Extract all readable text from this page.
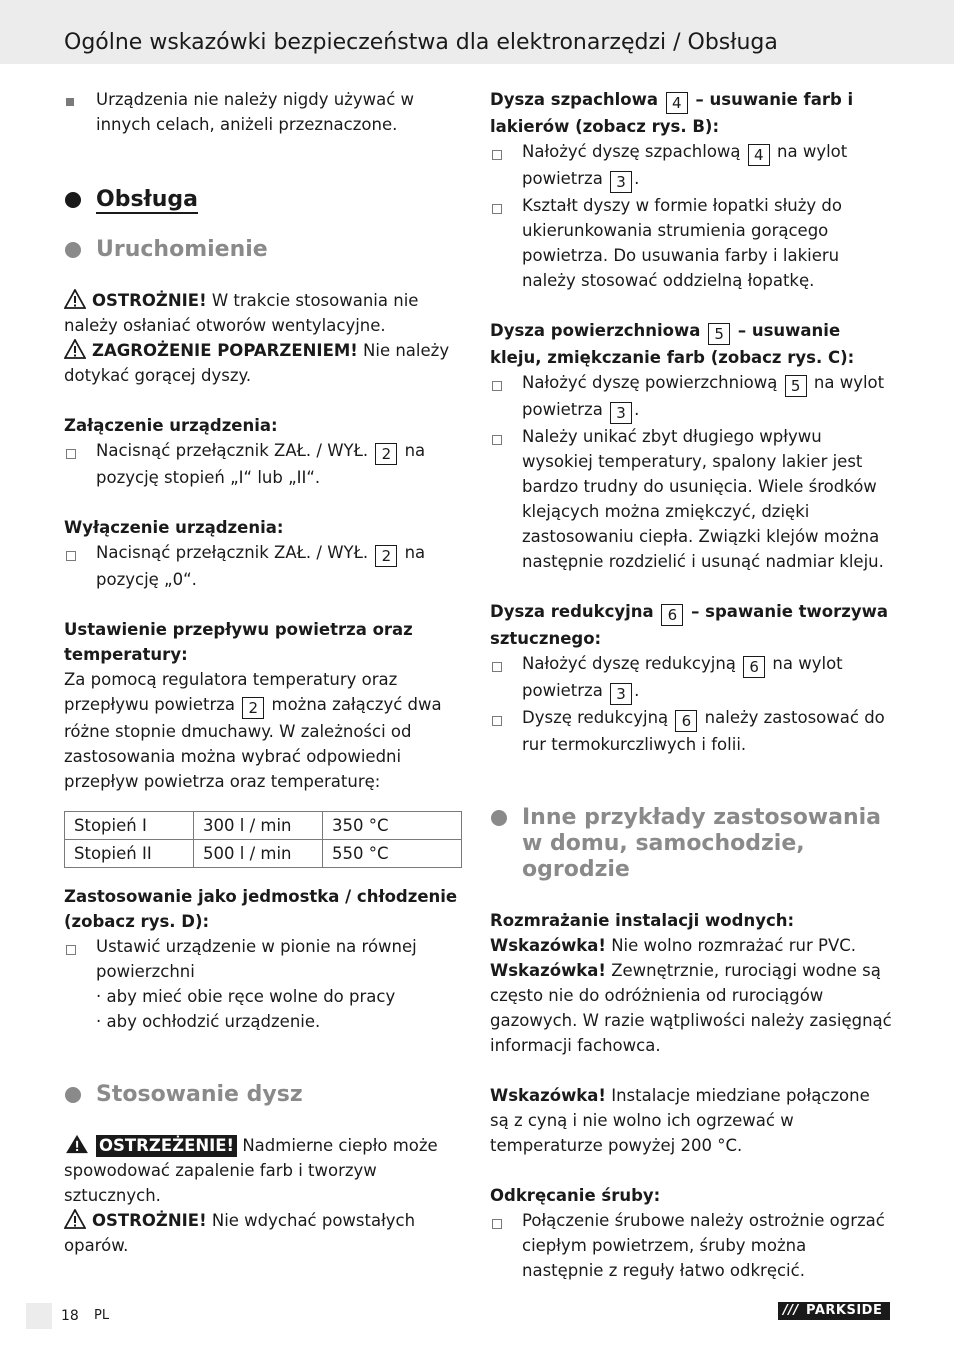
Ogólne wskazówki bezpieczeństwa dla elektronarzędzi / Obsługa
Urządzenia nie należy nigdy używać w innych celach, aniżeli przeznaczone.
Obsługa
Uruchomienie

OSTROŻNIE! W trakcie stosowania nie należy osłaniać otworów wentylacyjne.

ZAGROŻENIE POPARZENIEM! Nie należy dotykać gorącej dyszy.

Załączenie urządzenia:

Nacisnąć przełącznik ZAŁ. / WYŁ. 2 na pozycję stopień „I“ lub „II“.

Wyłączenie urządzenia:

Nacisnąć przełącznik ZAŁ. / WYŁ. 2 na pozycję „0“.

Ustawienie przepływu powietrza oraz temperatury:

Za pomocą regulatora temperatury oraz przepływu powietrza 2 można załączyć dwa różne stopnie dmuchawy. W zależności od zastosowania można wybrać odpowiedni przepływ powietrza oraz temperaturę:

Stopień I	300 l / min	350 °C
Stopień II	500 l / min	550 °C

Zastosowanie jako jedmostka / chłodzenie (zobacz rys. D):

Ustawić urządzenie w pionie na równej powierzchni

· aby mieć obie ręce wolne do pracy

· aby ochłodzić urządzenie.

Stosowanie dysz

OSTRZEŻENIE! Nadmierne ciepło może spowodować zapalenie farb i tworzyw sztucznych.

OSTROŻNIE! Nie wdychać powstałych oparów.

Dysza szpachlowa 4 – usuwanie farb i lakierów (zobacz rys. B):

Nałożyć dyszę szpachlową 4 na wylot powietrza 3 .
Kształt dyszy w formie łopatki służy do ukierunkowania strumienia gorącego powietrza. Do usuwania farby i lakieru należy stosować oddzielną łopatkę.

Dysza powierzchniowa 5 – usuwanie kleju, zmiękczanie farb (zobacz rys. C):

Nałożyć dyszę powierzchniową 5 na wylot powietrza 3 .
Należy unikać zbyt długiego wpływu wysokiej temperatury, spalony lakier jest bardzo trudny do usunięcia. Wiele środków klejących można zmiękczyć, dzięki zastosowaniu ciepła. Związki klejów można następnie rozdzielić i usunąć nadmiar kleju.

Dysza redukcyjna 6 – spawanie tworzywa sztucznego:

Nałożyć dyszę redukcyjną 6 na wylot powietrza 3 .
Dyszę redukcyjną 6 należy zastosować do rur termokurczliwych i folii.
Inne przykłady zastosowania w domu, samochodzie, ogrodzie

Rozmrażanie instalacji wodnych:

Wskazówka! Nie wolno rozmrażać rur PVC.

Wskazówka! Zewnętrznie, rurociągi wodne są często nie do odróżnienia od rurociągów gazowych. W razie wątpliwości należy zasięgnąć informacji fachowca.

Wskazówka! Instalacje miedziane połączone są z cyną i nie wolno ich ogrzewać w temperaturze powyżej 200 °C.

Odkręcanie śruby:

Połączenie śrubowe należy ostrożnie ogrzać ciepłym powietrzem, śruby można następnie z reguły łatwo odkręcić.
18 PL	/// PARKSIDE
